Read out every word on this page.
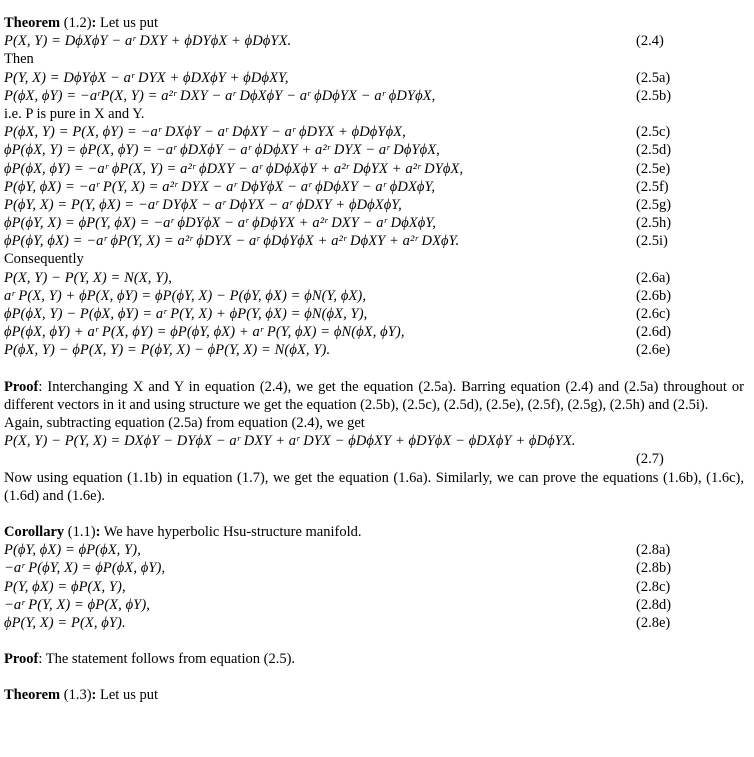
Theorem (1.2): Let us put
P(X, Y) = DϕXϕY − aʳ DXY + ϕDYϕX + ϕDϕYX.	(2.4)
Then
P(Y, X) = DϕYϕX − aʳ DYX + ϕDXϕY + ϕDϕXY,	(2.5a)
P(ϕX, ϕY) = −aʳP(X, Y) = a²ʳ DXY − aʳ DϕXϕY − aʳ ϕDϕYX − aʳ ϕDYϕX,	(2.5b)
i.e. P is pure in X and Y.
P(ϕX, Y) = P(X, ϕY) = −aʳ DXϕY − aʳ DϕXY − aʳ ϕDYX + ϕDϕYϕX,	(2.5c)
ϕP(ϕX, Y) = ϕP(X, ϕY) = −aʳ ϕDXϕY − aʳ ϕDϕXY + a²ʳ DYX − aʳ DϕYϕX,	(2.5d)
ϕP(ϕX, ϕY) = −aʳ ϕP(X, Y) = a²ʳ ϕDXY − aʳ ϕDϕXϕY + a²ʳ DϕYX + a²ʳ DYϕX,	(2.5e)
P(ϕY, ϕX) = −aʳ P(Y, X) = a²ʳ DYX − aʳ DϕYϕX − aʳ ϕDϕXY − aʳ ϕDXϕY,	(2.5f)
P(ϕY, X) = P(Y, ϕX) = −aʳ DYϕX − aʳ DϕYX − aʳ ϕDXY + ϕDϕXϕY,	(2.5g)
ϕP(ϕY, X) = ϕP(Y, ϕX) = −aʳ ϕDYϕX − aʳ ϕDϕYX + a²ʳ DXY − aʳ DϕXϕY,	(2.5h)
ϕP(ϕY, ϕX) = −aʳ ϕP(Y, X) = a²ʳ ϕDYX − aʳ ϕDϕYϕX + a²ʳ DϕXY + a²ʳ DXϕY.	(2.5i)
Consequently
P(X, Y) − P(Y, X) = N(X, Y),	(2.6a)
aʳ P(X, Y) + ϕP(X, ϕY) = ϕP(ϕY, X) − P(ϕY, ϕX) = ϕN(Y, ϕX),	(2.6b)
ϕP(ϕX, Y) − P(ϕX, ϕY) = aʳ P(Y, X) + ϕP(Y, ϕX) = ϕN(ϕX, Y),	(2.6c)
ϕP(ϕX, ϕY) + aʳ P(X, ϕY) = ϕP(ϕY, ϕX) + aʳ P(Y, ϕX) = ϕN(ϕX, ϕY),	(2.6d)
P(ϕX, Y) − ϕP(X, Y) = P(ϕY, X) − ϕP(Y, X) = N(ϕX, Y).	(2.6e)
Proof: Interchanging X and Y in equation (2.4), we get the equation (2.5a). Barring equation (2.4) and (2.5a) throughout or different vectors in it and using structure we get the equation (2.5b), (2.5c), (2.5d), (2.5e), (2.5f), (2.5g), (2.5h) and (2.5i).
Again, subtracting equation (2.5a) from equation (2.4), we get
P(X, Y) − P(Y, X) = DXϕY − DYϕX − aʳ DXY + aʳ DYX − ϕDϕXY + ϕDYϕX − ϕDXϕY + ϕDϕYX.
(2.7)
Now using equation (1.1b) in equation (1.7), we get the equation (1.6a). Similarly, we can prove the equations (1.6b), (1.6c), (1.6d) and (1.6e).
Corollary (1.1): We have hyperbolic Hsu-structure manifold.
P(ϕY, ϕX) = ϕP(ϕX, Y),	(2.8a)
−aʳ P(ϕY, X) = ϕP(ϕX, ϕY),	(2.8b)
P(Y, ϕX) = ϕP(X, Y),	(2.8c)
−aʳ P(Y, X) = ϕP(X, ϕY),	(2.8d)
ϕP(Y, X) = P(X, ϕY).	(2.8e)
Proof: The statement follows from equation (2.5).
Theorem (1.3): Let us put
